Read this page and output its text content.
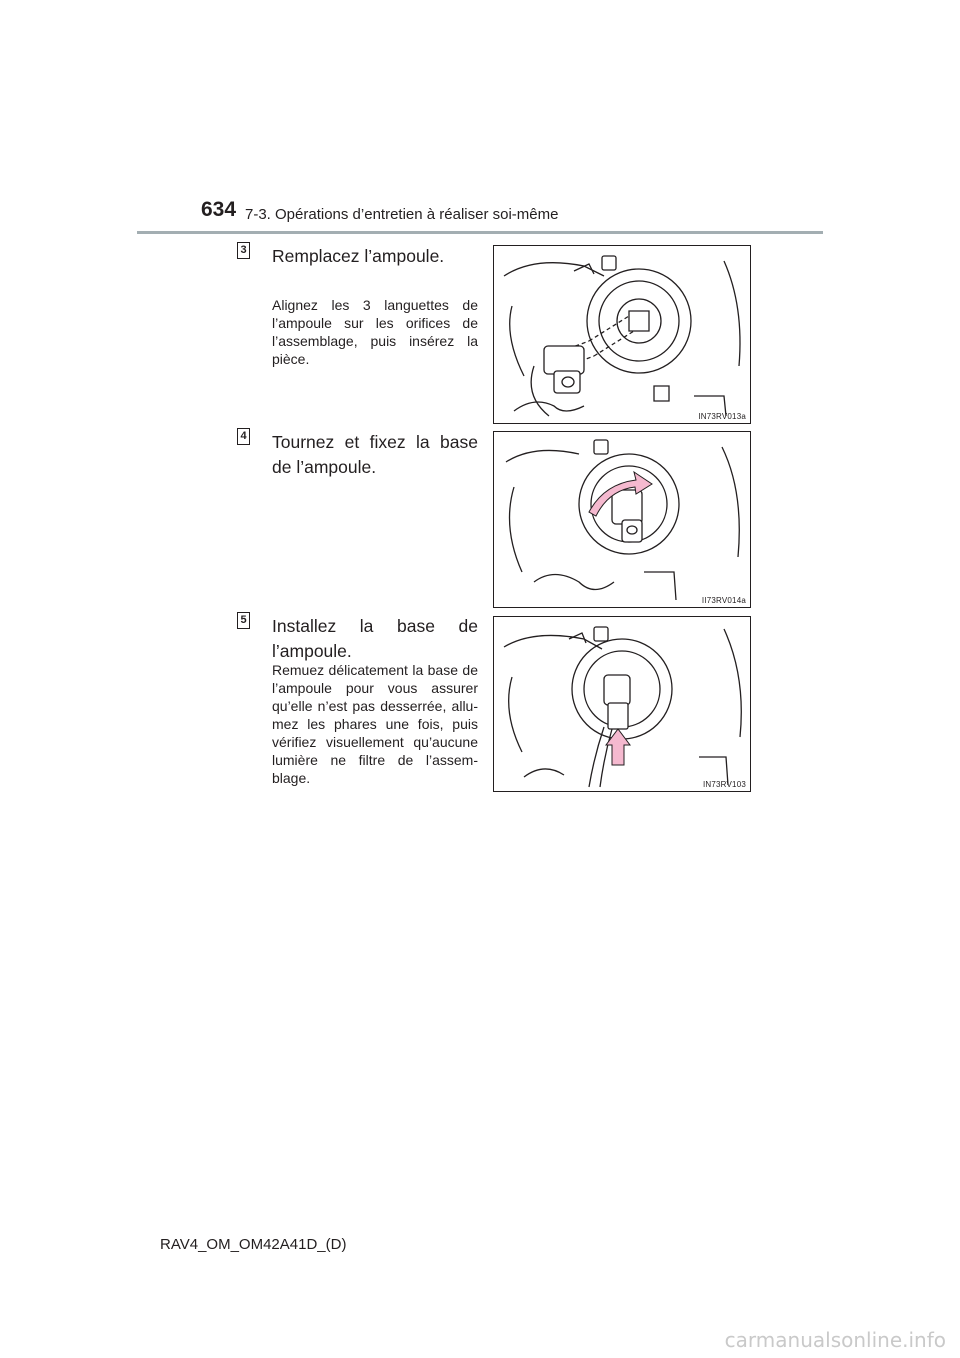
634 7-3. Opérations d’entretien à réaliser soi-même
3 Remplacez l’ampoule.
Alignez les 3 languettes de l’ampoule sur les orifices de l’assemblage, puis insérez la pièce.
IN73RV013a
4 Tournez et fixez la base de l’ampoule.
II73RV014a
5 Installez la base de l’ampoule.
Remuez délicatement la base de l’ampoule pour vous assurer qu’elle n’est pas desserrée, allu-mez les phares une fois, puis vérifiez visuellement qu’aucune lumière ne filtre de l’assem-blage.	IN73RV103
RAV4_OM_OM42A41D_(D)
carmanualsonline.info
